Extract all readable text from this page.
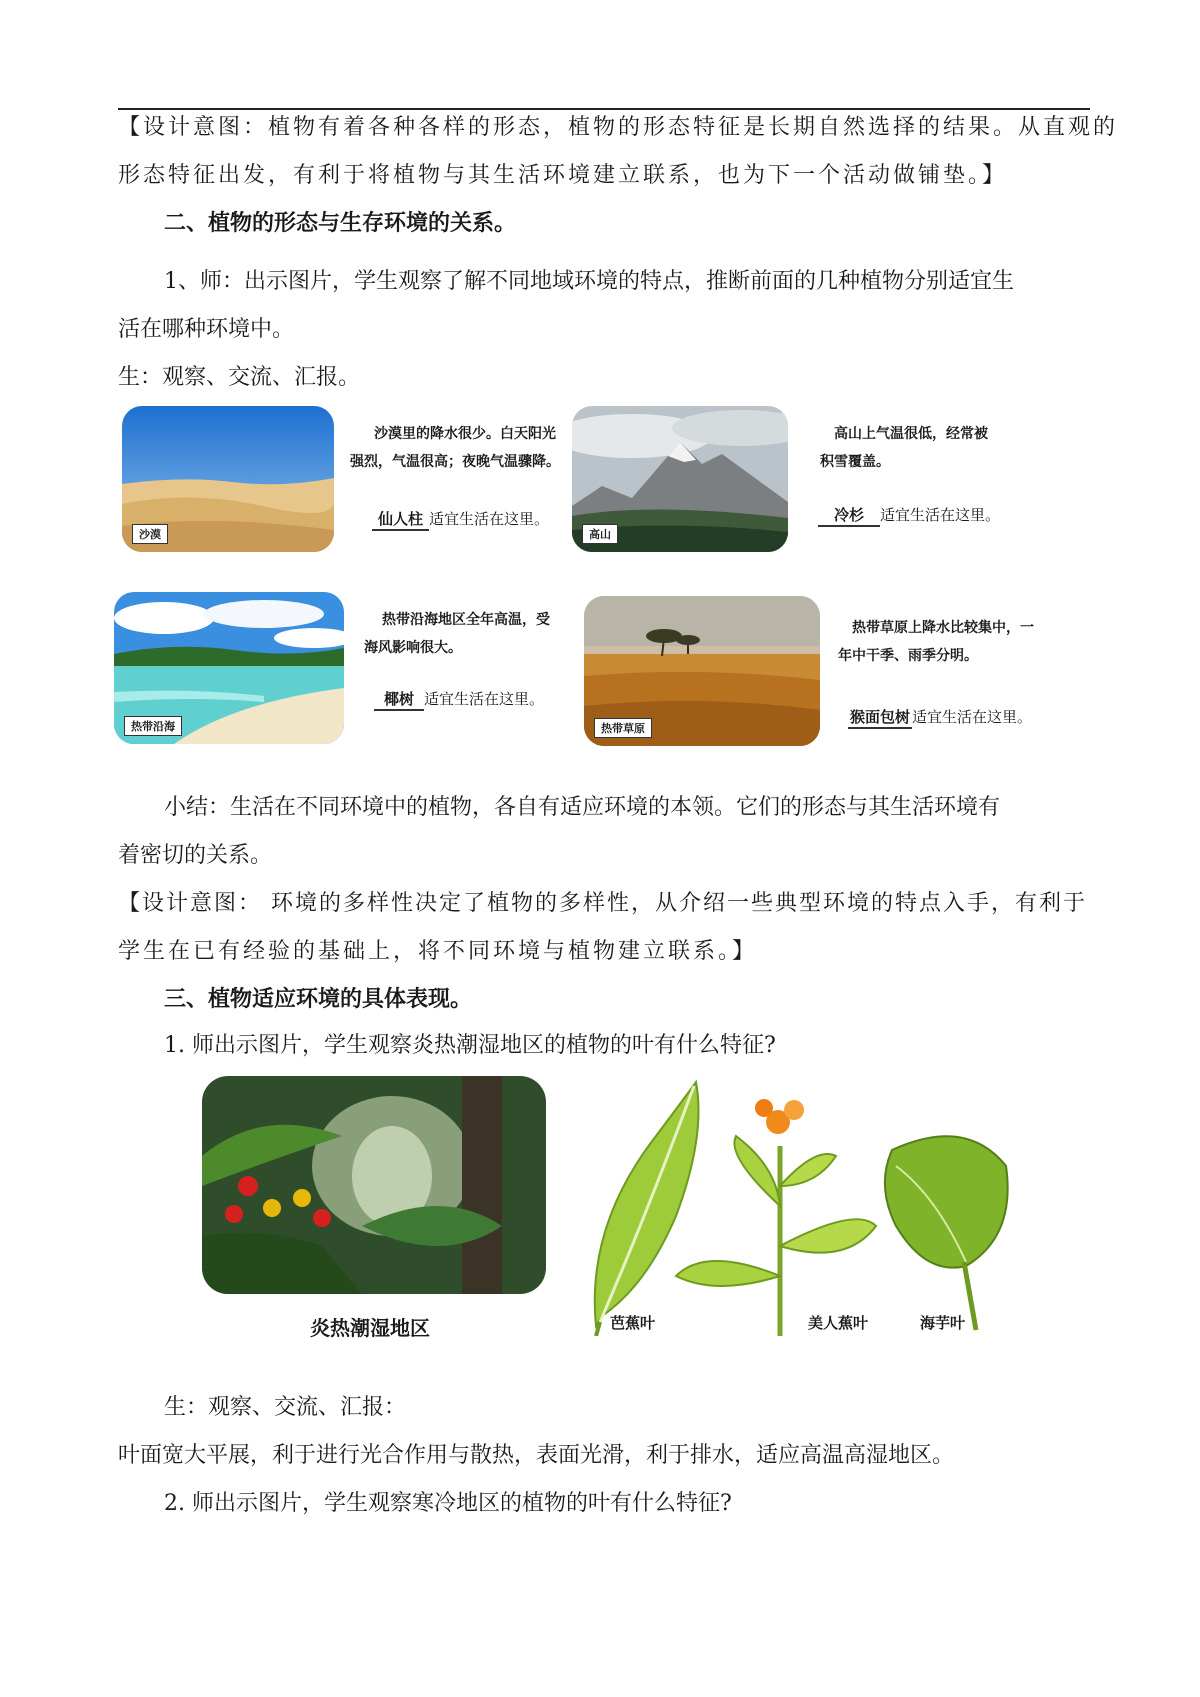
【设计意图：植物有着各种各样的形态，植物的形态特征是长期自然选择的结果。从直观的

形态特征出发，有利于将植物与其生活环境建立联系，也为下一个活动做铺垫。】

二、植物的形态与生存环境的关系。

1、师：出示图片，学生观察了解不同地域环境的特点，推断前面的几种植物分别适宜生

活在哪种环境中。

生：观察、交流、汇报。

沙漠
沙漠里的降水很少。白天阳光
强烈，气温很高；夜晚气温骤降。
仙人柱 适宜生活在这里。
高山
高山上气温很低，经常被
积雪覆盖。
冷杉 适宜生活在这里。
热带沿海
热带沿海地区全年高温，受
海风影响很大。
椰树 适宜生活在这里。
热带草原
热带草原上降水比较集中，一
年中干季、雨季分明。
猴面包树 适宜生活在这里。

小结：生活在不同环境中的植物，各自有适应环境的本领。它们的形态与其生活环境有

着密切的关系。

【设计意图： 环境的多样性决定了植物的多样性，从介绍一些典型环境的特点入手，有利于

学生在已有经验的基础上，将不同环境与植物建立联系。】

三、植物适应环境的具体表现。

1. 师出示图片，学生观察炎热潮湿地区的植物的叶有什么特征?

炎热潮湿地区	芭蕉叶	美人蕉叶	海芋叶

生：观察、交流、汇报：

叶面宽大平展，利于进行光合作用与散热，表面光滑，利于排水，适应高温高湿地区。

2. 师出示图片，学生观察寒冷地区的植物的叶有什么特征?
